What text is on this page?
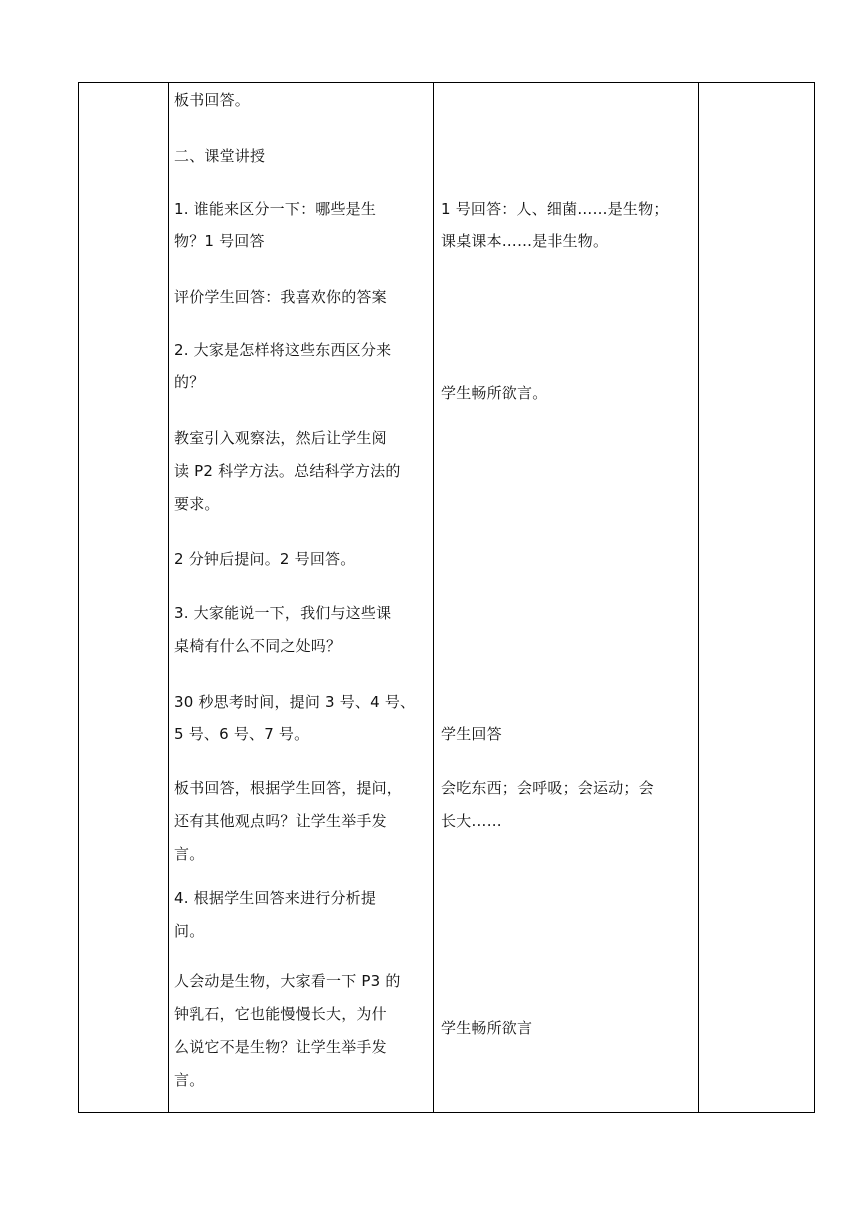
板书回答。

二、课堂讲授

1. 谁能来区分一下：哪些是生

物？1 号回答

评价学生回答：我喜欢你的答案

2. 大家是怎样将这些东西区分来

的？

教室引入观察法，然后让学生阅

读 P2 科学方法。总结科学方法的

要求。

2 分钟后提问。2 号回答。

3. 大家能说一下，我们与这些课

桌椅有什么不同之处吗？

30 秒思考时间，提问 3 号、4 号、

5 号、6 号、7 号。

板书回答，根据学生回答，提问，

还有其他观点吗？让学生举手发

言。

4. 根据学生回答来进行分析提

问。

人会动是生物，大家看一下 P3 的

钟乳石，它也能慢慢长大，为什

么说它不是生物？让学生举手发

言。

1 号回答：人、细菌……是生物；

课桌课本……是非生物。

学生畅所欲言。

学生回答

会吃东西；会呼吸；会运动；会

长大……

学生畅所欲言
